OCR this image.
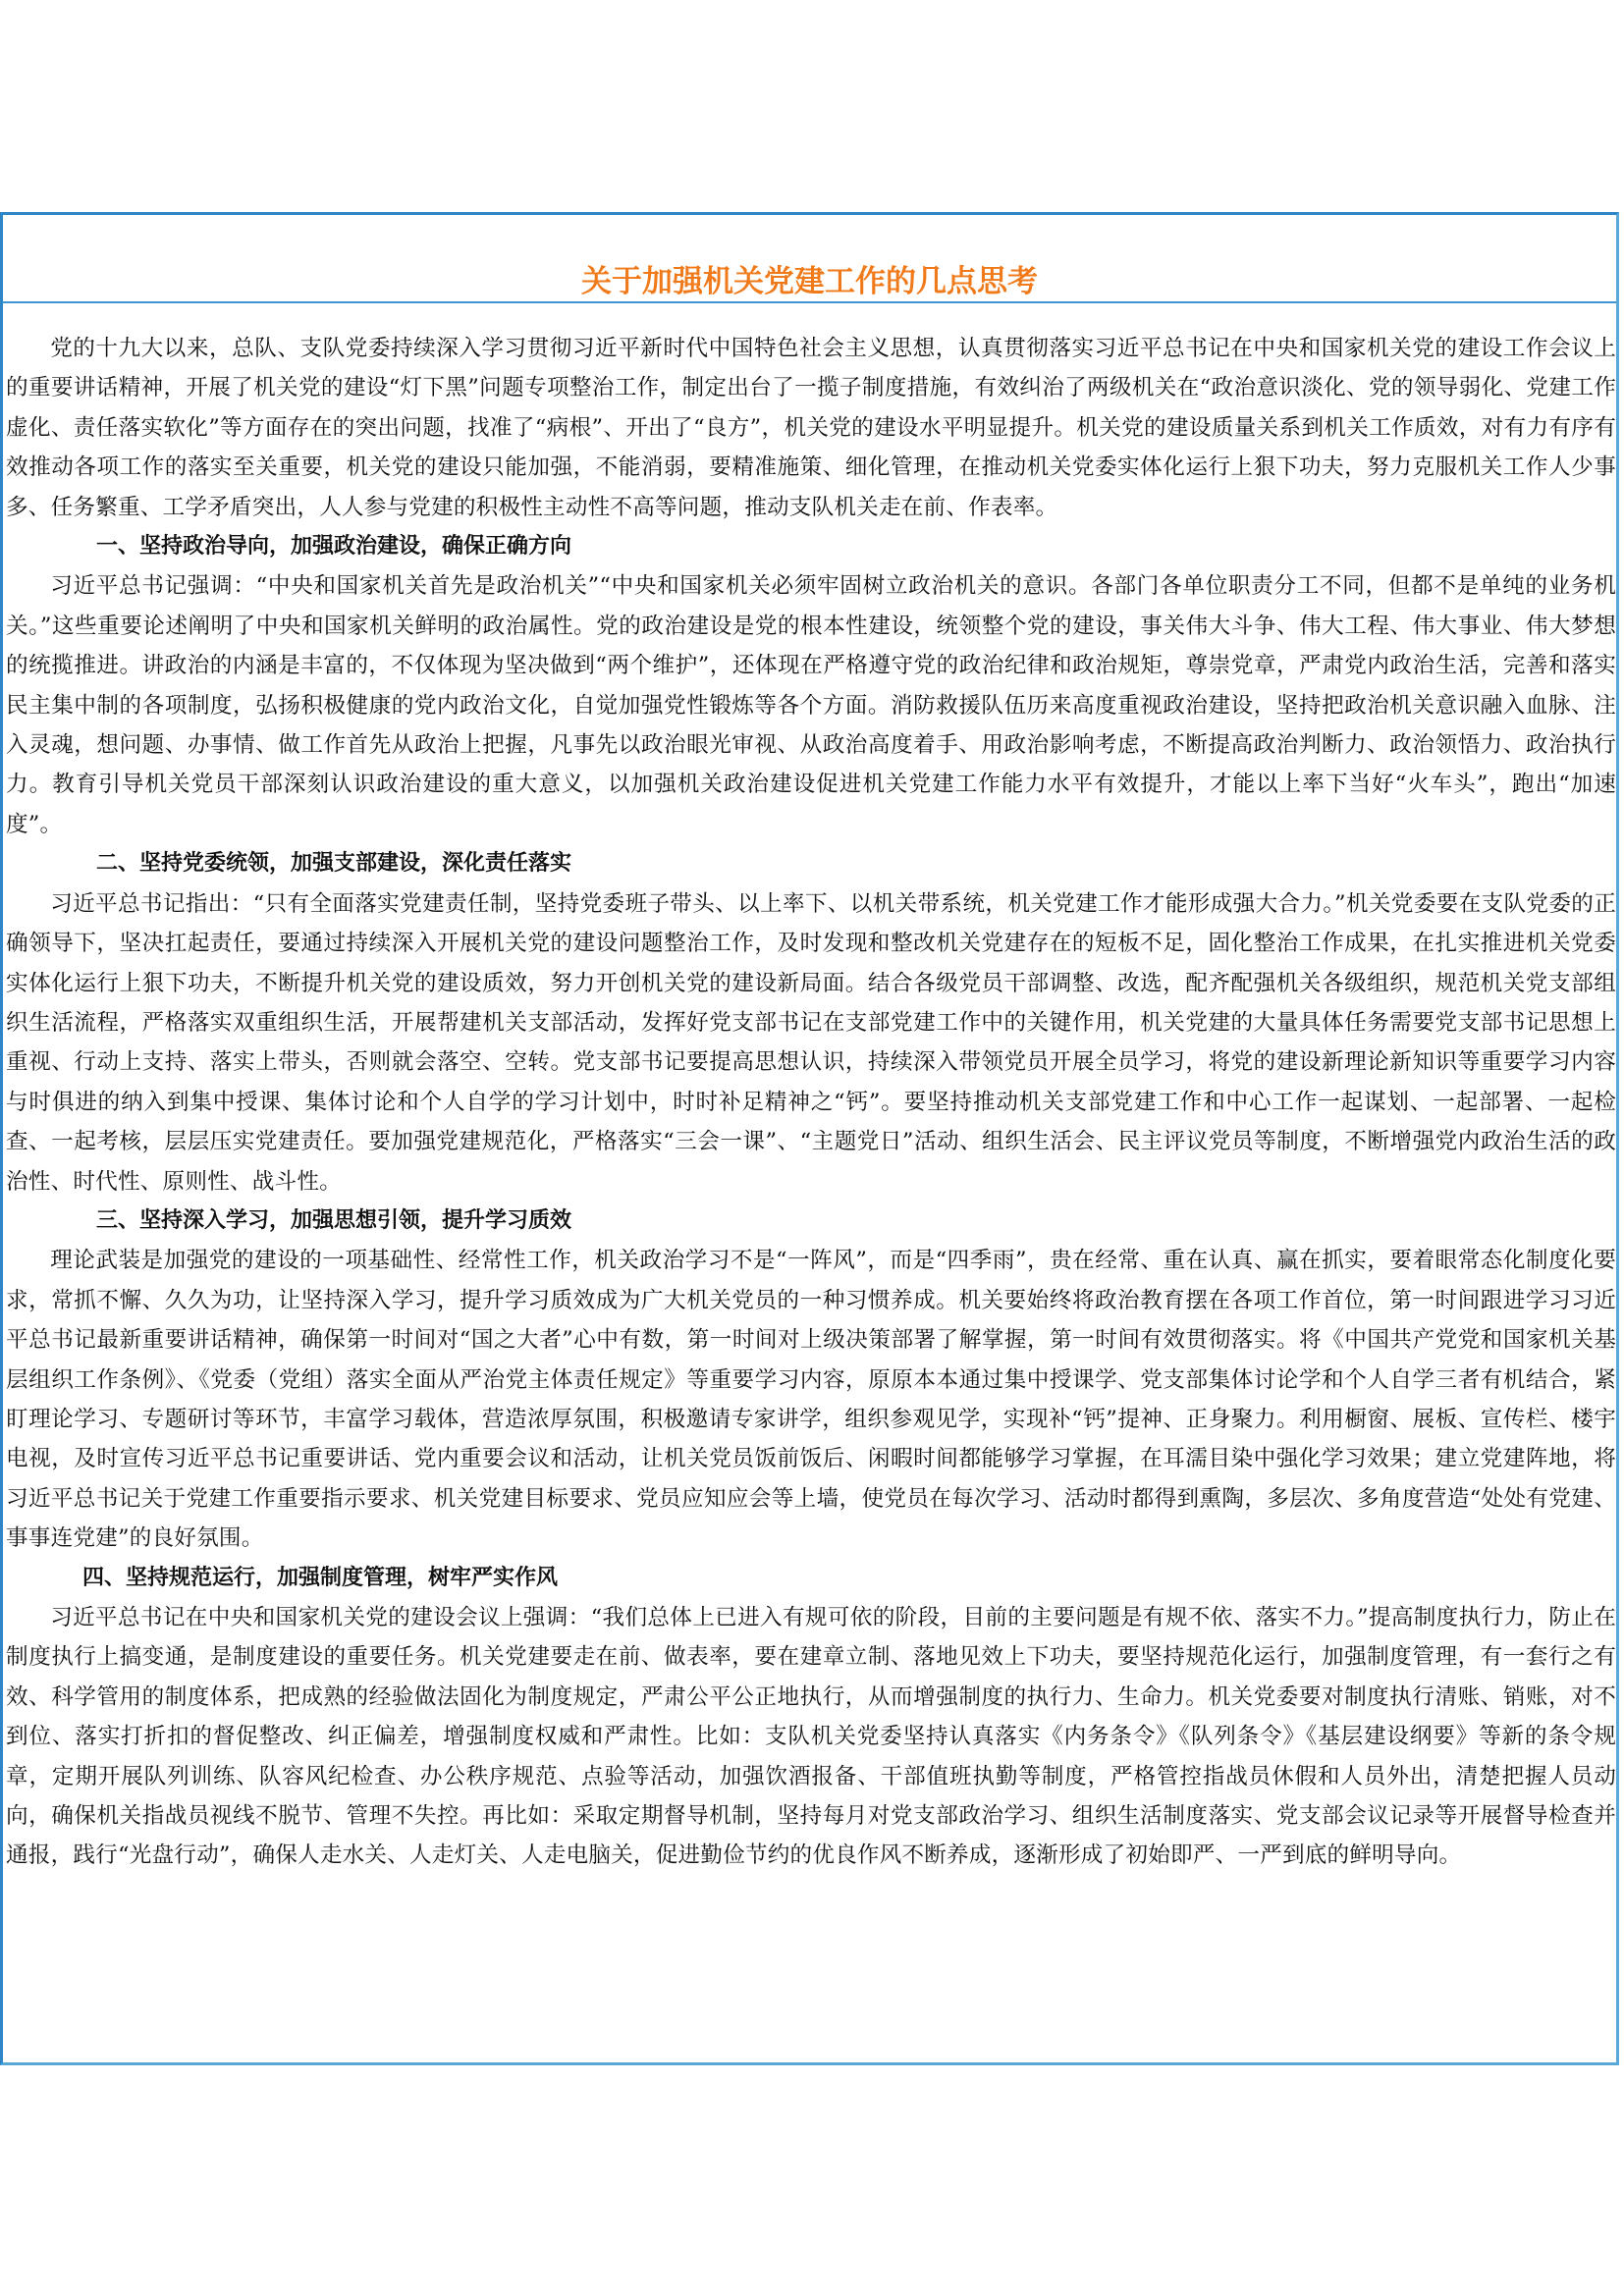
关于加强机关党建工作的几点思考

党的十九大以来，总队、支队党委持续深入学习贯彻习近平新时代中国特色社会主义思想，认真贯彻落实习近平总书记在中央和国家机关党的建设工作会议上的重要讲话精神，开展了机关党的建设“灯下黑”问题专项整治工作，制定出台了一揽子制度措施，有效纠治了两级机关在“政治意识淡化、党的领导弱化、党建工作虚化、责任落实软化”等方面存在的突出问题，找准了“病根”、开出了“良方”，机关党的建设水平明显提升。机关党的建设质量关系到机关工作质效，对有力有序有效推动各项工作的落实至关重要，机关党的建设只能加强，不能消弱，要精准施策、细化管理，在推动机关党委实体化运行上狠下功夫，努力克服机关工作人少事多、任务繁重、工学矛盾突出，人人参与党建的积极性主动性不高等问题，推动支队机关走在前、作表率。

一、坚持政治导向，加强政治建设，确保正确方向

习近平总书记强调：“中央和国家机关首先是政治机关”“中央和国家机关必须牢固树立政治机关的意识。各部门各单位职责分工不同，但都不是单纯的业务机关。”这些重要论述阐明了中央和国家机关鲜明的政治属性。党的政治建设是党的根本性建设，统领整个党的建设，事关伟大斗争、伟大工程、伟大事业、伟大梦想的统揽推进。讲政治的内涵是丰富的，不仅体现为坚决做到“两个维护”，还体现在严格遵守党的政治纪律和政治规矩，尊崇党章，严肃党内政治生活，完善和落实民主集中制的各项制度，弘扬积极健康的党内政治文化，自觉加强党性锻炼等各个方面。消防救援队伍历来高度重视政治建设，坚持把政治机关意识融入血脉、注入灵魂，想问题、办事情、做工作首先从政治上把握，凡事先以政治眼光审视、从政治高度着手、用政治影响考虑，不断提高政治判断力、政治领悟力、政治执行力。教育引导机关党员干部深刻认识政治建设的重大意义，以加强机关政治建设促进机关党建工作能力水平有效提升，才能以上率下当好“火车头”，跑出“加速度”。

二、坚持党委统领，加强支部建设，深化责任落实

习近平总书记指出：“只有全面落实党建责任制，坚持党委班子带头、以上率下、以机关带系统，机关党建工作才能形成强大合力。”机关党委要在支队党委的正确领导下，坚决扛起责任，要通过持续深入开展机关党的建设问题整治工作，及时发现和整改机关党建存在的短板不足，固化整治工作成果，在扎实推进机关党委实体化运行上狠下功夫，不断提升机关党的建设质效，努力开创机关党的建设新局面。结合各级党员干部调整、改选，配齐配强机关各级组织，规范机关党支部组织生活流程，严格落实双重组织生活，开展帮建机关支部活动，发挥好党支部书记在支部党建工作中的关键作用，机关党建的大量具体任务需要党支部书记思想上重视、行动上支持、落实上带头，否则就会落空、空转。党支部书记要提高思想认识，持续深入带领党员开展全员学习，将党的建设新理论新知识等重要学习内容与时俱进的纳入到集中授课、集体讨论和个人自学的学习计划中，时时补足精神之“钙”。要坚持推动机关支部党建工作和中心工作一起谋划、一起部署、一起检查、一起考核，层层压实党建责任。要加强党建规范化，严格落实“三会一课”、“主题党日”活动、组织生活会、民主评议党员等制度，不断增强党内政治生活的政治性、时代性、原则性、战斗性。

三、坚持深入学习，加强思想引领，提升学习质效

理论武装是加强党的建设的一项基础性、经常性工作，机关政治学习不是“一阵风”，而是“四季雨”，贵在经常、重在认真、赢在抓实，要着眼常态化制度化要求，常抓不懈、久久为功，让坚持深入学习，提升学习质效成为广大机关党员的一种习惯养成。机关要始终将政治教育摆在各项工作首位，第一时间跟进学习习近平总书记最新重要讲话精神，确保第一时间对“国之大者”心中有数，第一时间对上级决策部署了解掌握，第一时间有效贯彻落实。将《中国共产党党和国家机关基层组织工作条例》、《党委（党组）落实全面从严治党主体责任规定》等重要学习内容，原原本本通过集中授课学、党支部集体讨论学和个人自学三者有机结合，紧盯理论学习、专题研讨等环节，丰富学习载体，营造浓厚氛围，积极邀请专家讲学，组织参观见学，实现补“钙”提神、正身聚力。利用橱窗、展板、宣传栏、楼宇电视，及时宣传习近平总书记重要讲话、党内重要会议和活动，让机关党员饭前饭后、闲暇时间都能够学习掌握，在耳濡目染中强化学习效果；建立党建阵地，将习近平总书记关于党建工作重要指示要求、机关党建目标要求、党员应知应会等上墙，使党员在每次学习、活动时都得到熏陶，多层次、多角度营造“处处有党建、事事连党建”的良好氛围。

四、坚持规范运行，加强制度管理，树牢严实作风

习近平总书记在中央和国家机关党的建设会议上强调：“我们总体上已进入有规可依的阶段，目前的主要问题是有规不依、落实不力。”提高制度执行力，防止在制度执行上搞变通，是制度建设的重要任务。机关党建要走在前、做表率，要在建章立制、落地见效上下功夫，要坚持规范化运行，加强制度管理，有一套行之有效、科学管用的制度体系，把成熟的经验做法固化为制度规定，严肃公平公正地执行，从而增强制度的执行力、生命力。机关党委要对制度执行清账、销账，对不到位、落实打折扣的督促整改、纠正偏差，增强制度权威和严肃性。比如：支队机关党委坚持认真落实《内务条令》《队列条令》《基层建设纲要》等新的条令规章，定期开展队列训练、队容风纪检查、办公秩序规范、点验等活动，加强饮酒报备、干部值班执勤等制度，严格管控指战员休假和人员外出，清楚把握人员动向，确保机关指战员视线不脱节、管理不失控。再比如：采取定期督导机制，坚持每月对党支部政治学习、组织生活制度落实、党支部会议记录等开展督导检查并通报，践行“光盘行动”，确保人走水关、人走灯关、人走电脑关，促进勤俭节约的优良作风不断养成，逐渐形成了初始即严、一严到底的鲜明导向。
